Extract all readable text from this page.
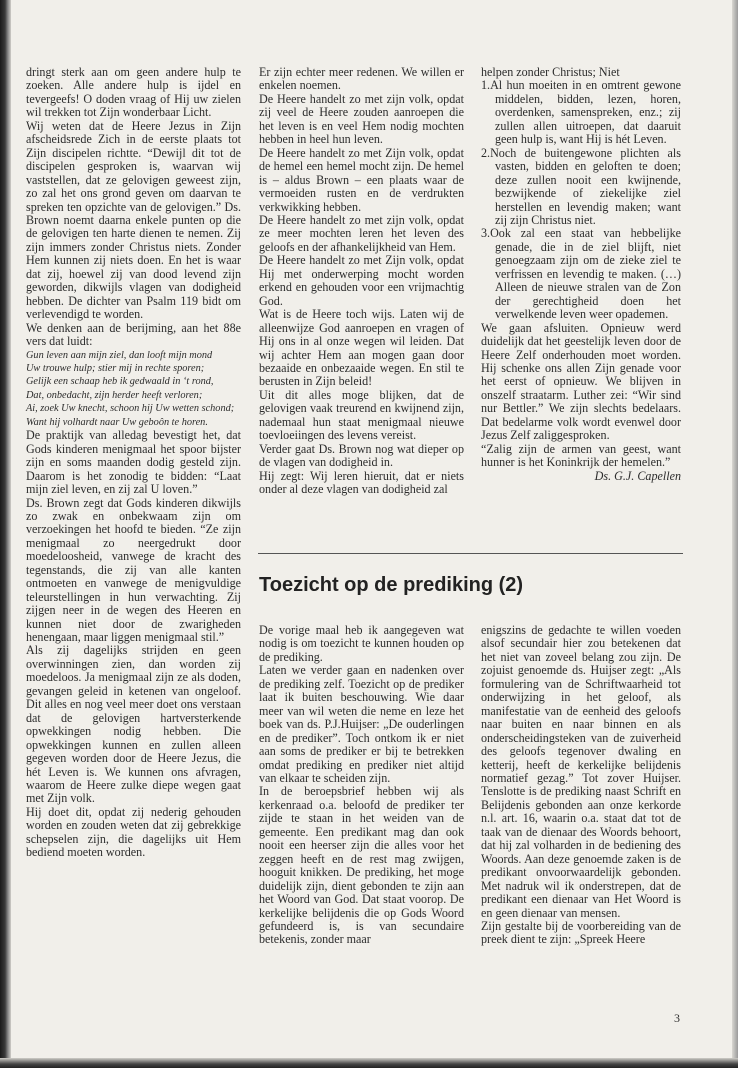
dringt sterk aan om geen andere hulp te zoeken. Alle andere hulp is ijdel en tevergeefs! O doden vraag of Hij uw zielen wil trekken tot Zijn wonderbaar Licht.

Wij weten dat de Heere Jezus in Zijn afscheidsrede Zich in de eerste plaats tot Zijn discipelen richtte. “Dewijl dit tot de discipelen gesproken is, waarvan wij vaststellen, dat ze gelovigen geweest zijn, zo zal het ons grond geven om daarvan te spreken ten opzichte van de gelovigen.” Ds. Brown noemt daarna enkele punten op die de gelovigen ten harte dienen te nemen. Zij zijn immers zonder Christus niets. Zonder Hem kunnen zij niets doen. En het is waar dat zij, hoewel zij van dood levend zijn geworden, dikwijls vlagen van dodigheid hebben. De dichter van Psalm 119 bidt om verlevendigd te worden.

We denken aan de berijming, aan het 88e vers dat luidt:

Gun leven aan mijn ziel, dan looft mijn mond

Uw trouwe hulp; stier mij in rechte sporen;

Gelijk een schaap heb ik gedwaald in ‘t rond,

Dat, onbedacht, zijn herder heeft verloren;

Ai, zoek Uw knecht, schoon hij Uw wetten schond;

Want hij volhardt naar Uw geboôn te horen.

De praktijk van alledag bevestigt het, dat Gods kinderen menigmaal het spoor bijster zijn en soms maanden dodig gesteld zijn. Daarom is het zonodig te bidden: “Laat mijn ziel leven, en zij zal U loven.”

Ds. Brown zegt dat Gods kinderen dikwijls zo zwak en onbekwaam zijn om verzoekingen het hoofd te bieden. “Ze zijn menigmaal zo neergedrukt door moedeloosheid, vanwege de kracht des tegenstands, die zij van alle kanten ontmoeten en vanwege de menigvuldige teleurstellingen in hun verwachting. Zij zijgen neer in de wegen des Heeren en kunnen niet door de zwarigheden henengaan, maar liggen menigmaal stil.”

Als zij dagelijks strijden en geen overwinningen zien, dan worden zij moedeloos. Ja menigmaal zijn ze als doden, gevangen geleid in ketenen van ongeloof. Dit alles en nog veel meer doet ons verstaan dat de gelovigen hartversterkende opwekkingen nodig hebben. Die opwekkingen kunnen en zullen alleen gegeven worden door de Heere Jezus, die hét Leven is. We kunnen ons afvragen, waarom de Heere zulke diepe wegen gaat met Zijn volk.

Hij doet dit, opdat zij nederig gehouden worden en zouden weten dat zij gebrekkige schepselen zijn, die dagelijks uit Hem bediend moeten worden.

Er zijn echter meer redenen. We willen er enkelen noemen.

De Heere handelt zo met zijn volk, opdat zij veel de Heere zouden aanroepen die het leven is en veel Hem nodig mochten hebben in heel hun leven.

De Heere handelt zo met Zijn volk, opdat de hemel een hemel mocht zijn. De hemel is – aldus Brown – een plaats waar de vermoeiden rusten en de verdrukten verkwikking hebben.

De Heere handelt zo met zijn volk, opdat ze meer mochten leren het leven des geloofs en der afhankelijkheid van Hem.

De Heere handelt zo met Zijn volk, opdat Hij met onderwerping mocht worden erkend en gehouden voor een vrijmachtig God.

Wat is de Heere toch wijs. Laten wij de alleenwijze God aanroepen en vragen of Hij ons in al onze wegen wil leiden. Dat wij achter Hem aan mogen gaan door bezaaide en onbezaaide wegen. En stil te berusten in Zijn beleid!

Uit dit alles moge blijken, dat de gelovigen vaak treurend en kwijnend zijn, nademaal hun staat menigmaal nieuwe toevloeiingen des levens vereist.

Verder gaat Ds. Brown nog wat dieper op de vlagen van dodigheid in.

Hij zegt: Wij leren hieruit, dat er niets onder al deze vlagen van dodigheid zal

helpen zonder Christus; Niet

1.Al hun moeiten in en omtrent gewone middelen, bidden, lezen, horen, overdenken, samenspreken, enz.; zij zullen allen uitroepen, dat daaruit geen hulp is, want Hij is hét Leven.

2.Noch de buitengewone plichten als vasten, bidden en geloften te doen; deze zullen nooit een kwijnende, bezwijkende of ziekelijke ziel herstellen en levendig maken; want zij zijn Christus niet.

3.Ook zal een staat van hebbelijke genade, die in de ziel blijft, niet genoegzaam zijn om de zieke ziel te verfrissen en levendig te maken. (…) Alleen de nieuwe stralen van de Zon der gerechtigheid doen het verwelkende leven weer opademen.

We gaan afsluiten. Opnieuw werd duidelijk dat het geestelijk leven door de Heere Zelf onderhouden moet worden. Hij schenke ons allen Zijn genade voor het eerst of opnieuw. We blijven in onszelf straatarm. Luther zei: “Wir sind nur Bettler.” We zijn slechts bedelaars. Dat bedelarme volk wordt evenwel door Jezus Zelf zaliggesproken.

“Zalig zijn de armen van geest, want hunner is het Koninkrijk der hemelen.”

Ds. G.J. Capellen

Toezicht op de prediking (2)

De vorige maal heb ik aangegeven wat nodig is om toezicht te kunnen houden op de prediking.

Laten we verder gaan en nadenken over de prediking zelf. Toezicht op de prediker laat ik buiten beschouwing. Wie daar meer van wil weten die neme en leze het boek van ds. P.J.Huijser: „De ouderlingen en de prediker”. Toch ontkom ik er niet aan soms de prediker er bij te betrekken omdat prediking en prediker niet altijd van elkaar te scheiden zijn.

In de beroepsbrief hebben wij als kerkenraad o.a. beloofd de prediker ter zijde te staan in het weiden van de gemeente. Een predikant mag dan ook nooit een heerser zijn die alles voor het zeggen heeft en de rest mag zwijgen, hooguit knikken. De prediking, het moge duidelijk zijn, dient gebonden te zijn aan het Woord van God. Dat staat voorop. De kerkelijke belijdenis die op Gods Woord gefundeerd is, is van secundaire betekenis, zonder maar

enigszins de gedachte te willen voeden alsof secundair hier zou betekenen dat het niet van zoveel belang zou zijn. De zojuist genoemde ds. Huijser zegt: „Als formulering van de Schriftwaarheid tot onderwijzing in het geloof, als manifestatie van de eenheid des geloofs naar buiten en naar binnen en als onderscheidingsteken van de zuiverheid des geloofs tegenover dwaling en ketterij, heeft de kerkelijke belijdenis normatief gezag.” Tot zover Huijser. Tenslotte is de prediking naast Schrift en Belijdenis gebonden aan onze kerkorde n.l. art. 16, waarin o.a. staat dat tot de taak van de dienaar des Woords behoort, dat hij zal volharden in de bediening des Woords. Aan deze genoemde zaken is de predikant onvoorwaardelijk gebonden. Met nadruk wil ik onderstrepen, dat de predikant een dienaar van Het Woord is en geen dienaar van mensen.

Zijn gestalte bij de voorbereiding van de preek dient te zijn: „Spreek Heere

3
